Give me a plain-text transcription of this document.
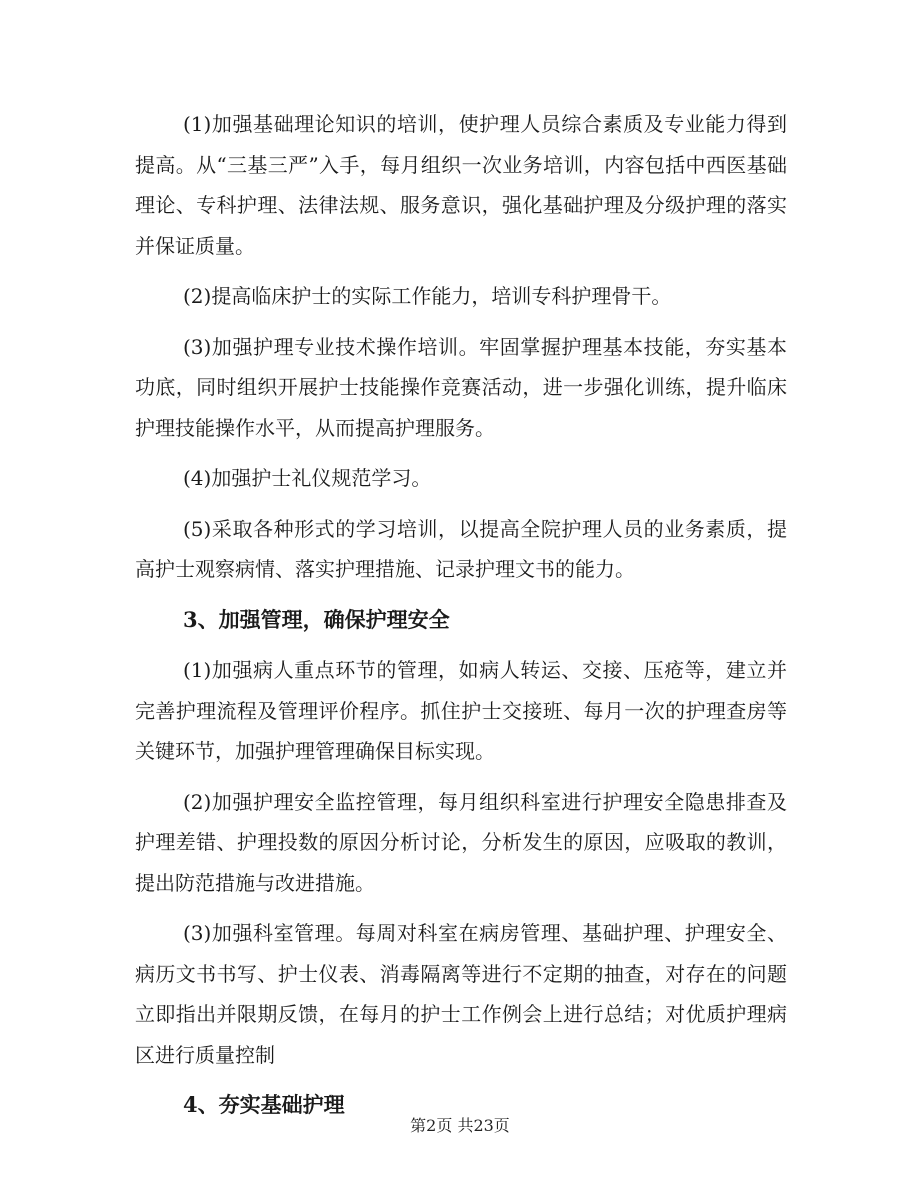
(1)加强基础理论知识的培训，使护理人员综合素质及专业能力得到提高。从“三基三严”入手，每月组织一次业务培训，内容包括中西医基础理论、专科护理、法律法规、服务意识，强化基础护理及分级护理的落实并保证质量。

(2)提高临床护士的实际工作能力，培训专科护理骨干。

(3)加强护理专业技术操作培训。牢固掌握护理基本技能，夯实基本功底，同时组织开展护士技能操作竞赛活动，进一步强化训练，提升临床护理技能操作水平，从而提高护理服务。

(4)加强护士礼仪规范学习。

(5)采取各种形式的学习培训，以提高全院护理人员的业务素质，提高护士观察病情、落实护理措施、记录护理文书的能力。

3、加强管理，确保护理安全

(1)加强病人重点环节的管理，如病人转运、交接、压疮等，建立并完善护理流程及管理评价程序。抓住护士交接班、每月一次的护理查房等关键环节，加强护理管理确保目标实现。

(2)加强护理安全监控管理，每月组织科室进行护理安全隐患排查及护理差错、护理投数的原因分析讨论，分析发生的原因，应吸取的教训，提出防范措施与改进措施。

(3)加强科室管理。每周对科室在病房管理、基础护理、护理安全、病历文书书写、护士仪表、消毒隔离等进行不定期的抽查，对存在的问题立即指出并限期反馈，在每月的护士工作例会上进行总结；对优质护理病区进行质量控制

4、夯实基础护理

第2页 共23页
